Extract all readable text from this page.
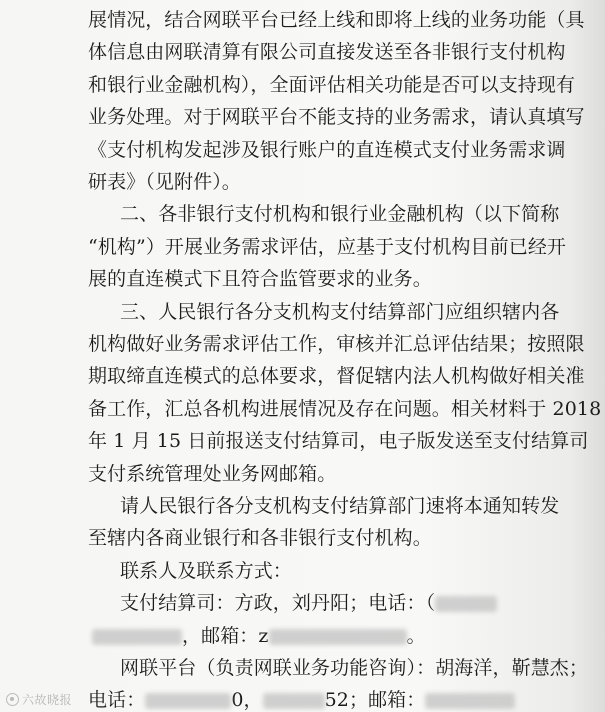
展情况，结合网联平台已经上线和即将上线的业务功能（具
体信息由网联清算有限公司直接发送至各非银行支付机构
和银行业金融机构），全面评估相关功能是否可以支持现有
业务处理。对于网联平台不能支持的业务需求，请认真填写
《支付机构发起涉及银行账户的直连模式支付业务需求调
研表》（见附件）。
二、各非银行支付机构和银行业金融机构（以下简称
“机构”）开展业务需求评估，应基于支付机构目前已经开
展的直连模式下且符合监管要求的业务。
三、人民银行各分支机构支付结算部门应组织辖内各
机构做好业务需求评估工作，审核并汇总评估结果；按照限
期取缔直连模式的总体要求，督促辖内法人机构做好相关准
备工作，汇总各机构进展情况及存在问题。相关材料于 2018
年 1 月 15 日前报送支付结算司，电子版发送至支付结算司
支付系统管理处业务网邮箱。
请人民银行各分支机构支付结算部门速将本通知转发
至辖内各商业银行和各非银行支付机构。
联系人及联系方式：
支付结算司：方政，刘丹阳；电话：（
，邮箱：z	。
网联平台（负责网联业务功能咨询）：胡海洋，靳慧杰；
电话：	0，	52；邮箱：
六故晓报
